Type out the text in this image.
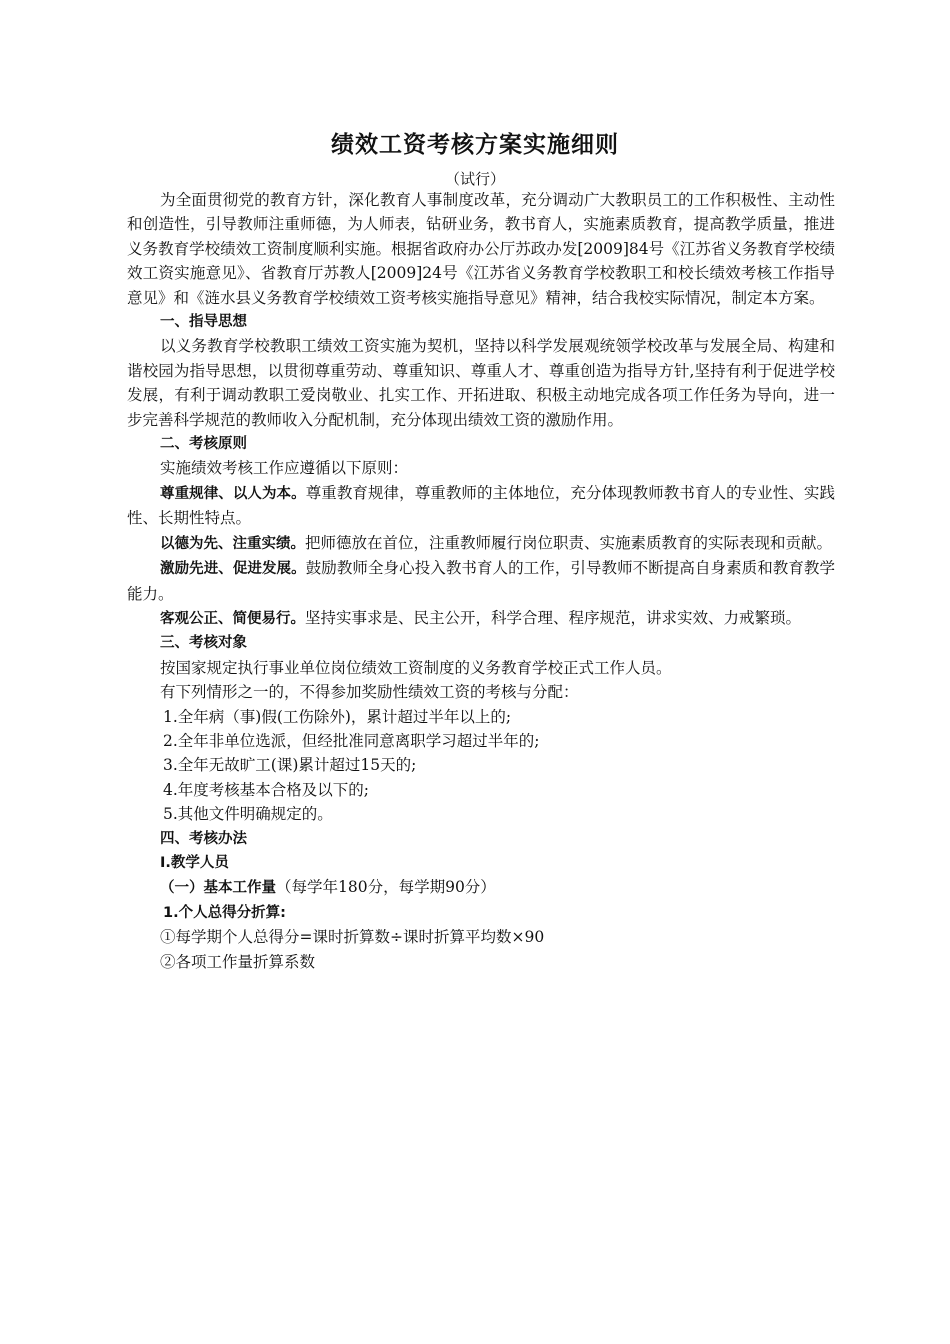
绩效工资考核方案实施细则
（试行）

为全面贯彻党的教育方针，深化教育人事制度改革，充分调动广大教职员工的工作积极性、主动性和创造性，引导教师注重师德，为人师表，钻研业务，教书育人，实施素质教育，提高教学质量，推进义务教育学校绩效工资制度顺利实施。根据省政府办公厅苏政办发[2009]84号《江苏省义务教育学校绩效工资实施意见》、省教育厅苏教人[2009]24号《江苏省义务教育学校教职工和校长绩效考核工作指导意见》和《涟水县义务教育学校绩效工资考核实施指导意见》精神，结合我校实际情况，制定本方案。

一、指导思想

以义务教育学校教职工绩效工资实施为契机，坚持以科学发展观统领学校改革与发展全局、构建和谐校园为指导思想，以贯彻尊重劳动、尊重知识、尊重人才、尊重创造为指导方针,坚持有利于促进学校发展，有利于调动教职工爱岗敬业、扎实工作、开拓进取、积极主动地完成各项工作任务为导向，进一步完善科学规范的教师收入分配机制，充分体现出绩效工资的激励作用。

二、考核原则

实施绩效考核工作应遵循以下原则：

尊重规律、以人为本。尊重教育规律，尊重教师的主体地位，充分体现教师教书育人的专业性、实践性、长期性特点。

以德为先、注重实绩。把师德放在首位，注重教师履行岗位职责、实施素质教育的实际表现和贡献。

激励先进、促进发展。鼓励教师全身心投入教书育人的工作，引导教师不断提高自身素质和教育教学能力。

客观公正、简便易行。坚持实事求是、民主公开，科学合理、程序规范，讲求实效、力戒繁琐。

三、考核对象

按国家规定执行事业单位岗位绩效工资制度的义务教育学校正式工作人员。

有下列情形之一的，不得参加奖励性绩效工资的考核与分配：

1.全年病（事)假(工伤除外)，累计超过半年以上的;

2.全年非单位选派，但经批准同意离职学习超过半年的;

3.全年无故旷工(课)累计超过15天的;

4.年度考核基本合格及以下的;

5.其他文件明确规定的。

四、考核办法

Ⅰ.教学人员

（一）基本工作量（每学年180分，每学期90分）

1.个人总得分折算:

①每学期个人总得分=课时折算数÷课时折算平均数×90

②各项工作量折算系数
